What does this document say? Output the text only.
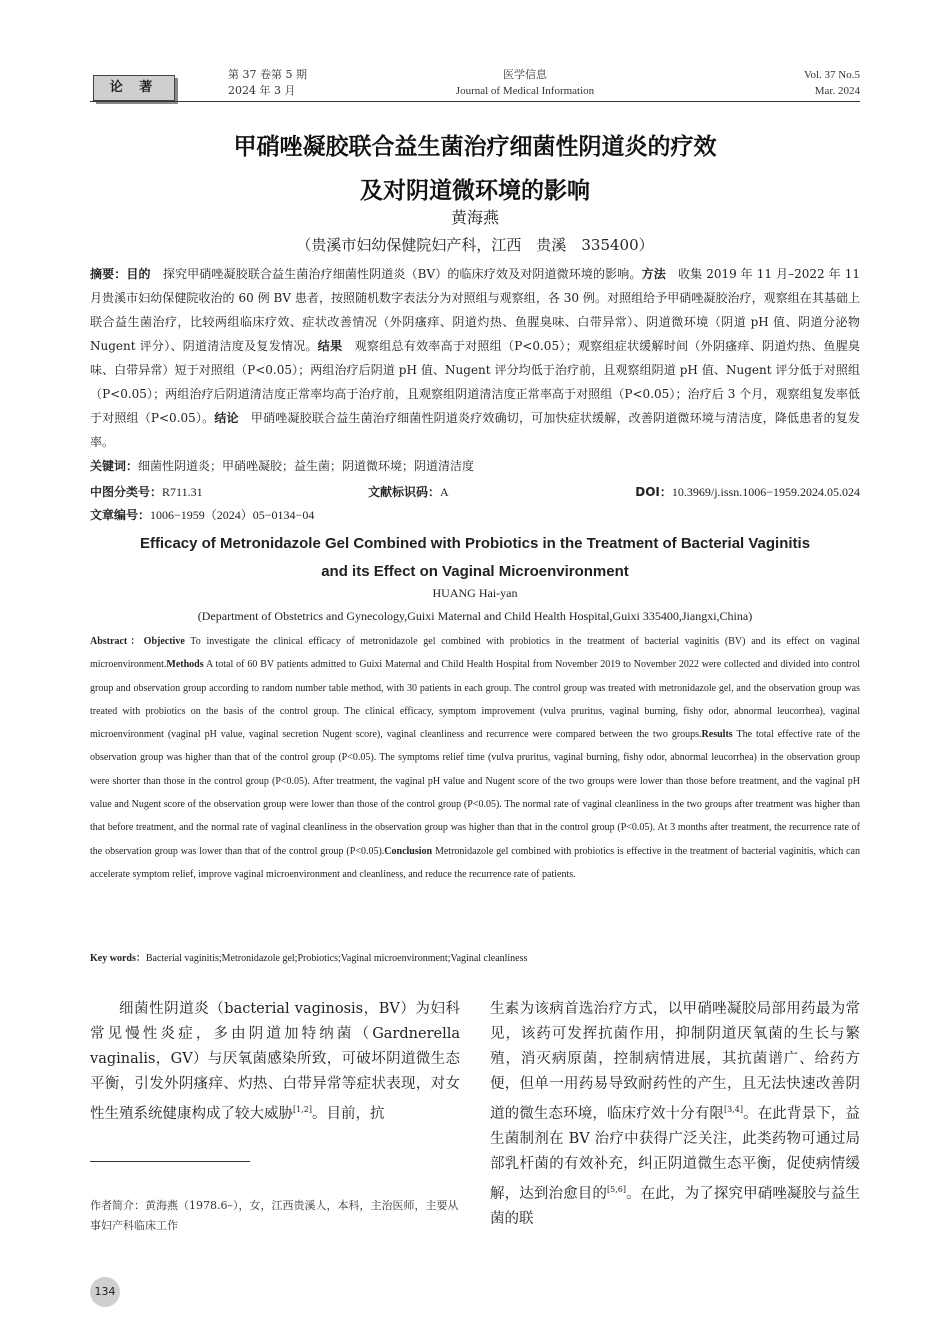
论 著
第 37 卷第 5 期
2024 年 3 月
医学信息
Journal of Medical Information
Vol. 37 No.5
Mar. 2024
甲硝唑凝胶联合益生菌治疗细菌性阴道炎的疗效
及对阴道微环境的影响
黄海燕
（贵溪市妇幼保健院妇产科，江西　贵溪　335400）
摘要：目的　探究甲硝唑凝胶联合益生菌治疗细菌性阴道炎（BV）的临床疗效及对阴道微环境的影响。方法　收集 2019 年 11 月–2022 年 11 月贵溪市妇幼保健院收治的 60 例 BV 患者，按照随机数字表法分为对照组与观察组，各 30 例。对照组给予甲硝唑凝胶治疗，观察组在其基础上联合益生菌治疗，比较两组临床疗效、症状改善情况（外阴瘙痒、阴道灼热、鱼腥臭味、白带异常）、阴道微环境（阴道 pH 值、阴道分泌物 Nugent 评分）、阴道清洁度及复发情况。结果　观察组总有效率高于对照组（P<0.05）；观察组症状缓解时间（外阴瘙痒、阴道灼热、鱼腥臭味、白带异常）短于对照组（P<0.05）；两组治疗后阴道 pH 值、Nugent 评分均低于治疗前，且观察组阴道 pH 值、Nugent 评分低于对照组（P<0.05）；两组治疗后阴道清洁度正常率均高于治疗前，且观察组阴道清洁度正常率高于对照组（P<0.05）；治疗后 3 个月，观察组复发率低于对照组（P<0.05）。结论　甲硝唑凝胶联合益生菌治疗细菌性阴道炎疗效确切，可加快症状缓解，改善阴道微环境与清洁度，降低患者的复发率。
关键词：细菌性阴道炎；甲硝唑凝胶；益生菌；阴道微环境；阴道清洁度
中图分类号：R711.31	文献标识码：A	DOI：10.3969/j.issn.1006−1959.2024.05.024
文章编号：1006−1959（2024）05−0134−04
Efficacy of Metronidazole Gel Combined with Probiotics in the Treatment of Bacterial Vaginitis
and its Effect on Vaginal Microenvironment
HUANG Hai-yan
(Department of Obstetrics and Gynecology,Guixi Maternal and Child Health Hospital,Guixi 335400,Jiangxi,China)
Abstract：Objective To investigate the clinical efficacy of metronidazole gel combined with probiotics in the treatment of bacterial vaginitis (BV) and its effect on vaginal microenvironment.Methods A total of 60 BV patients admitted to Guixi Maternal and Child Health Hospital from November 2019 to November 2022 were collected and divided into control group and observation group according to random number table method, with 30 patients in each group. The control group was treated with metronidazole gel, and the observation group was treated with probiotics on the basis of the control group. The clinical efficacy, symptom improvement (vulva pruritus, vaginal burning, fishy odor, abnormal leucorrhea), vaginal microenvironment (vaginal pH value, vaginal secretion Nugent score), vaginal cleanliness and recurrence were compared between the two groups.Results The total effective rate of the observation group was higher than that of the control group (P<0.05). The symptoms relief time (vulva pruritus, vaginal burning, fishy odor, abnormal leucorrhea) in the observation group were shorter than those in the control group (P<0.05). After treatment, the vaginal pH value and Nugent score of the two groups were lower than those before treatment, and the vaginal pH value and Nugent score of the observation group were lower than those of the control group (P<0.05). The normal rate of vaginal cleanliness in the two groups after treatment was higher than that before treatment, and the normal rate of vaginal cleanliness in the observation group was higher than that in the control group (P<0.05). At 3 months after treatment, the recurrence rate of the observation group was lower than that of the control group (P<0.05).Conclusion Metronidazole gel combined with probiotics is effective in the treatment of bacterial vaginitis, which can accelerate symptom relief, improve vaginal microenvironment and cleanliness, and reduce the recurrence rate of patients.
Key words：Bacterial vaginitis;Metronidazole gel;Probiotics;Vaginal microenvironment;Vaginal cleanliness
细菌性阴道炎（bacterial vaginosis，BV）为妇科常见慢性炎症，多由阴道加特纳菌（Gardnerella vaginalis，GV）与厌氧菌感染所致，可破坏阴道微生态平衡，引发外阴瘙痒、灼热、白带异常等症状表现，对女性生殖系统健康构成了较大威胁[1,2]。目前，抗
生素为该病首选治疗方式，以甲硝唑凝胶局部用药最为常见，该药可发挥抗菌作用，抑制阴道厌氧菌的生长与繁殖，消灭病原菌，控制病情进展，其抗菌谱广、给药方便，但单一用药易导致耐药性的产生，且无法快速改善阴道的微生态环境，临床疗效十分有限[3,4]。在此背景下，益生菌制剂在 BV 治疗中获得广泛关注，此类药物可通过局部乳杆菌的有效补充，纠正阴道微生态平衡，促使病情缓解，达到治愈目的[5,6]。在此，为了探究甲硝唑凝胶与益生菌的联
作者简介：黄海燕（1978.6–），女，江西贵溪人，本科，主治医师，主要从事妇产科临床工作
134
